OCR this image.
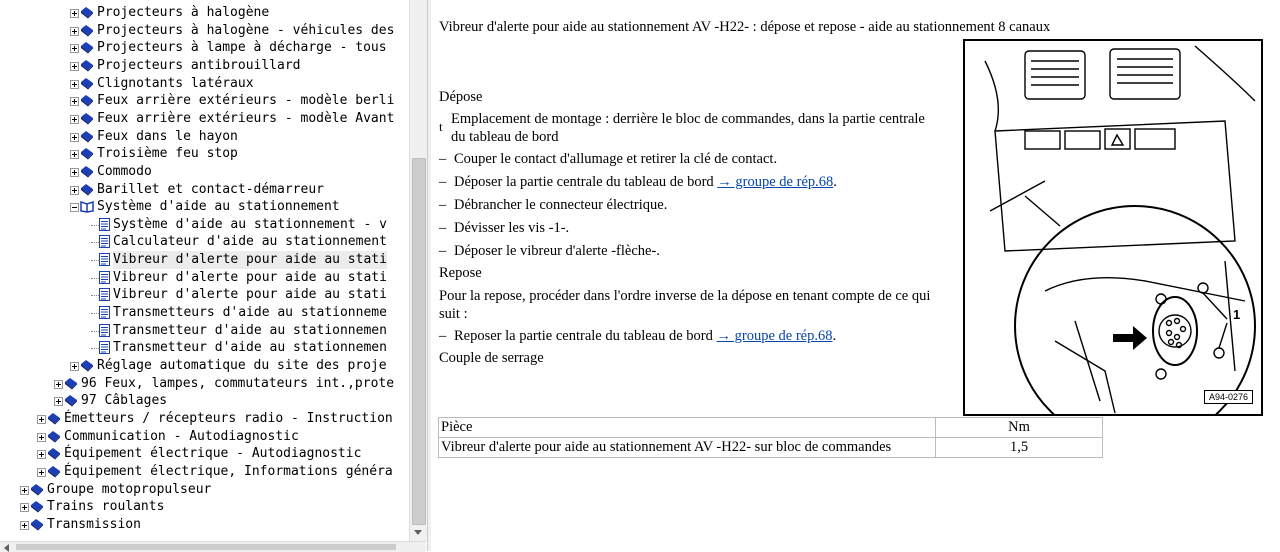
Projecteurs à halogène
Projecteurs à halogène - véhicules des
Projecteurs à lampe à décharge - tous
Projecteurs antibrouillard
Clignotants latéraux
Feux arrière extérieurs - modèle berli
Feux arrière extérieurs - modèle Avant
Feux dans le hayon
Troisième feu stop
Commodo
Barillet et contact-démarreur
Système d'aide au stationnement
Système d'aide au stationnement - v
Calculateur d'aide au stationnement
Vibreur d'alerte pour aide au stati
Vibreur d'alerte pour aide au stati
Vibreur d'alerte pour aide au stati
Transmetteurs d'aide au stationneme
Transmetteur d'aide au stationnemen
Transmetteur d'aide au stationnemen
Réglage automatique du site des proje
96 Feux, lampes, commutateurs int.,prote
97 Câblages
Émetteurs / récepteurs radio - Instruction
Communication - Autodiagnostic
Équipement électrique - Autodiagnostic
Équipement électrique, Informations généra
Groupe motopropulseur
Trains roulants
Transmission
Vibreur d'alerte pour aide au stationnement AV -H22- : dépose et repose - aide au stationnement 8 canaux
Dépose
t Emplacement de montage : derrière le bloc de commandes, dans la partie centrale du tableau de bord
– Couper le contact d'allumage et retirer la clé de contact.
– Déposer la partie centrale du tableau de bord → groupe de rép.68.
– Débrancher le connecteur électrique.
– Dévisser les vis -1-.
– Déposer le vibreur d'alerte -flèche-.
Repose
Pour la repose, procéder dans l'ordre inverse de la dépose en tenant compte de ce qui suit :
– Reposer la partie centrale du tableau de bord → groupe de rép.68.
Couple de serrage
1
A94-0276
Pièce	Nm
Vibreur d'alerte pour aide au stationnement AV -H22- sur bloc de commandes	1,5
